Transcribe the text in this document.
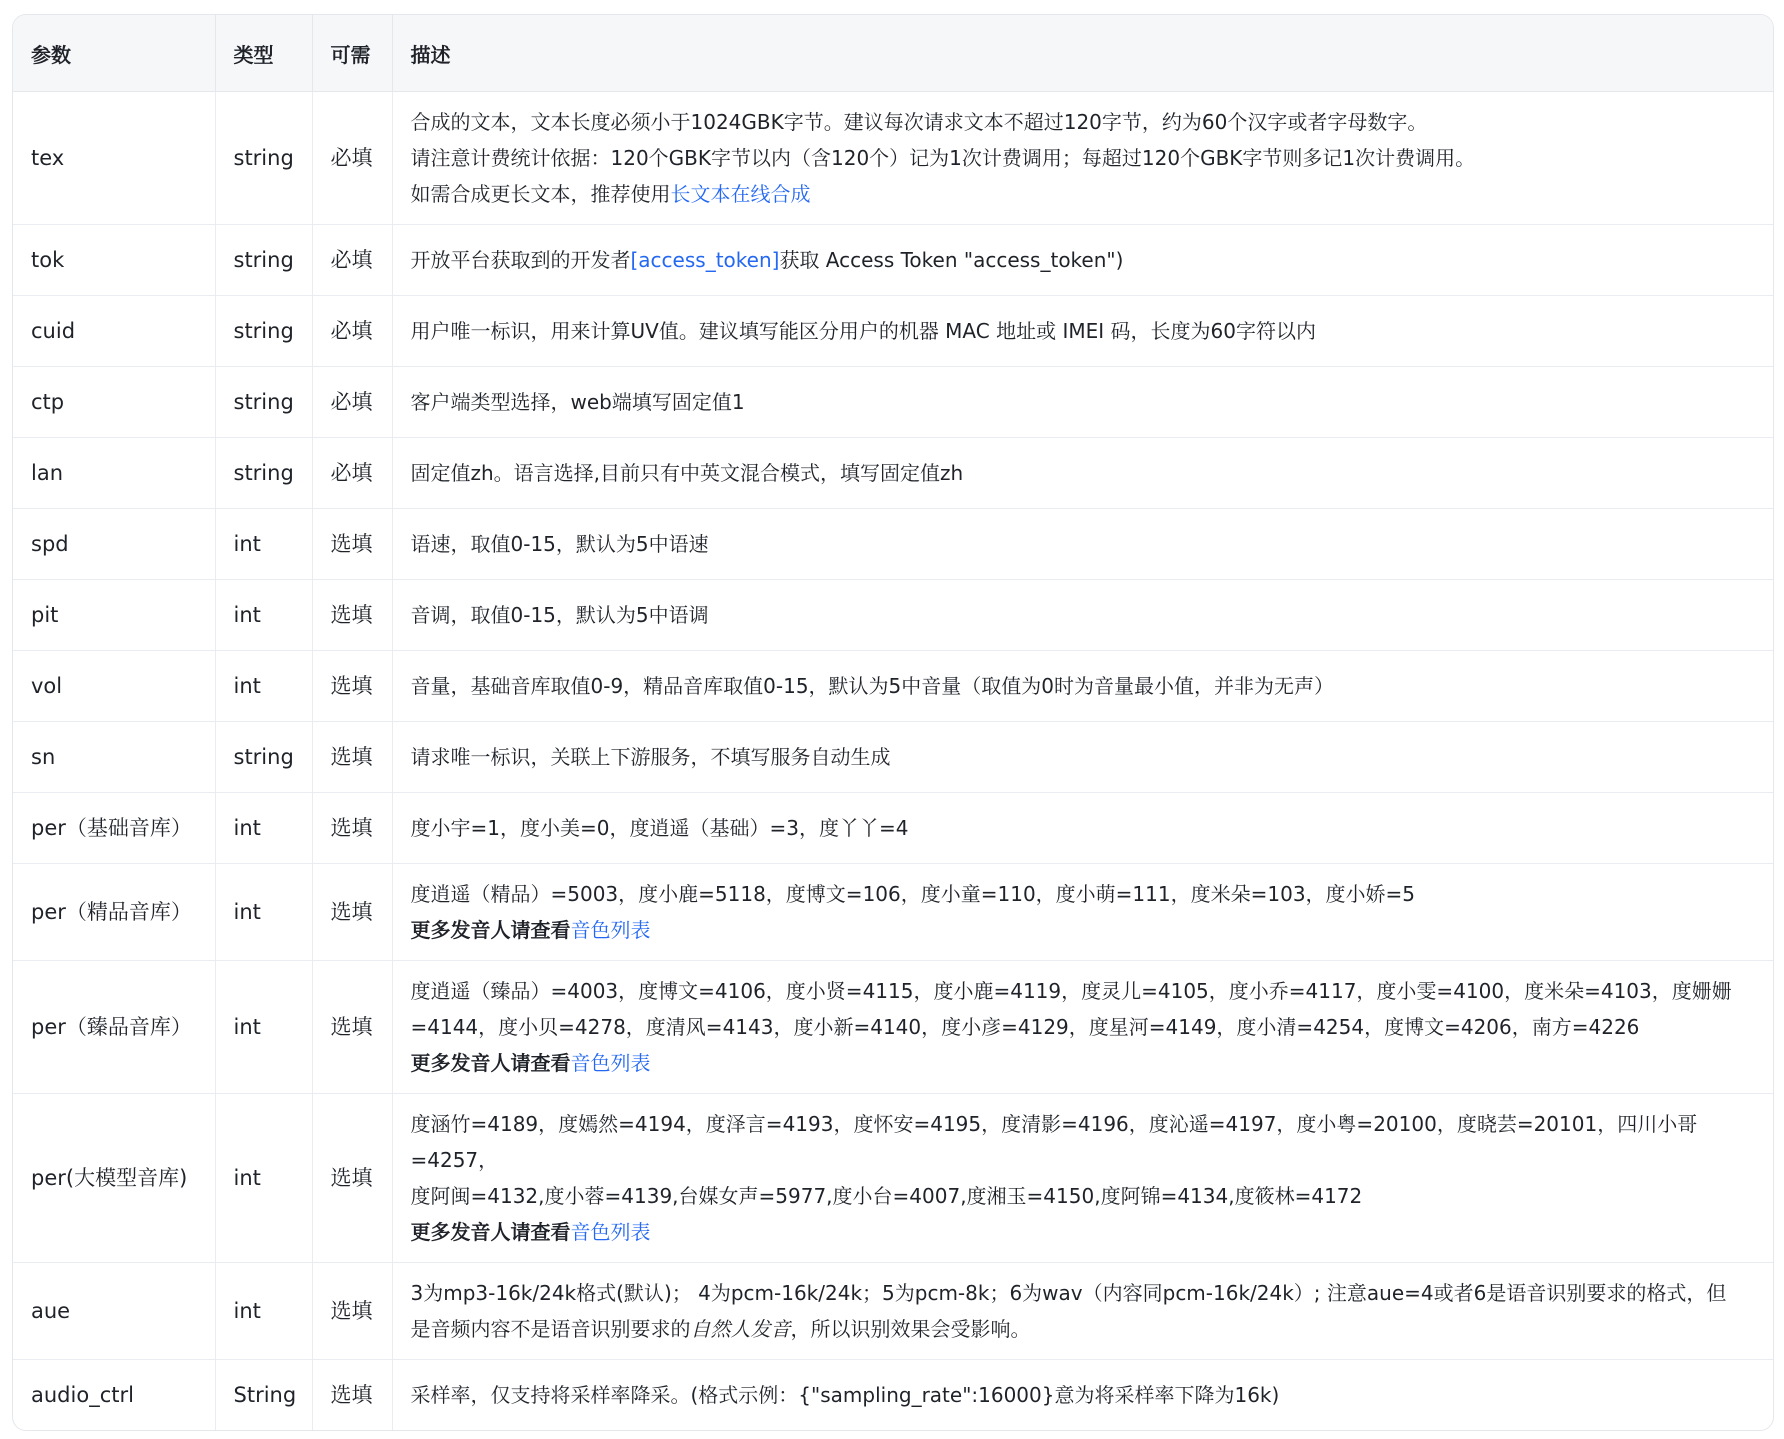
参数	类型	可需	描述
tex	string	必填	合成的文本，文本长度必须小于1024GBK字节。建议每次请求文本不超过120字节，约为60个汉字或者字母数字。
请注意计费统计依据：120个GBK字节以内（含120个）记为1次计费调用；每超过120个GBK字节则多记1次计费调用。
如需合成更长文本，推荐使用长文本在线合成

tok	string	必填	开放平台获取到的开发者[access_token]获取 Access Token "access_token")
cuid	string	必填	用户唯一标识，用来计算UV值。建议填写能区分用户的机器 MAC 地址或 IMEI 码，长度为60字符以内
ctp	string	必填	客户端类型选择，web端填写固定值1
lan	string	必填	固定值zh。语言选择,目前只有中英文混合模式，填写固定值zh
spd	int	选填	语速，取值0-15，默认为5中语速
pit	int	选填	音调，取值0-15，默认为5中语调
vol	int	选填	音量，基础音库取值0-9，精品音库取值0-15，默认为5中音量（取值为0时为音量最小值，并非为无声）
sn	string	选填	请求唯一标识，关联上下游服务，不填写服务自动生成
per（基础音库）	int	选填	度小宇=1，度小美=0，度逍遥（基础）=3，度丫丫=4
per（精品音库）	int	选填	度逍遥（精品）=5003，度小鹿=5118，度博文=106，度小童=110，度小萌=111，度米朵=103，度小娇=5
更多发音人请查看音色列表

per（臻品音库）	int	选填	度逍遥（臻品）=4003，度博文=4106，度小贤=4115，度小鹿=4119，度灵儿=4105，度小乔=4117，度小雯=4100，度米朵=4103，度姗姗
=4144，度小贝=4278，度清风=4143，度小新=4140，度小彦=4129，度星河=4149，度小清=4254，度博文=4206，南方=4226
更多发音人请查看音色列表

per(大模型音库)	int	选填	度涵竹=4189，度嫣然=4194，度泽言=4193，度怀安=4195，度清影=4196，度沁遥=4197，度小粤=20100，度晓芸=20101，四川小哥=4257，
度阿闽=4132,度小蓉=4139,台媒女声=5977,度小台=4007,度湘玉=4150,度阿锦=4134,度筱林=4172
更多发音人请查看音色列表

aue	int	选填	3为mp3-16k/24k格式(默认)； 4为pcm-16k/24k；5为pcm-8k；6为wav（内容同pcm-16k/24k）; 注意aue=4或者6是语音识别要求的格式，但
是音频内容不是语音识别要求的自然人发音，所以识别效果会受影响。

audio_ctrl	String	选填	采样率，仅支持将采样率降采。(格式示例：{"sampling_rate":16000}意为将采样率下降为16k)
